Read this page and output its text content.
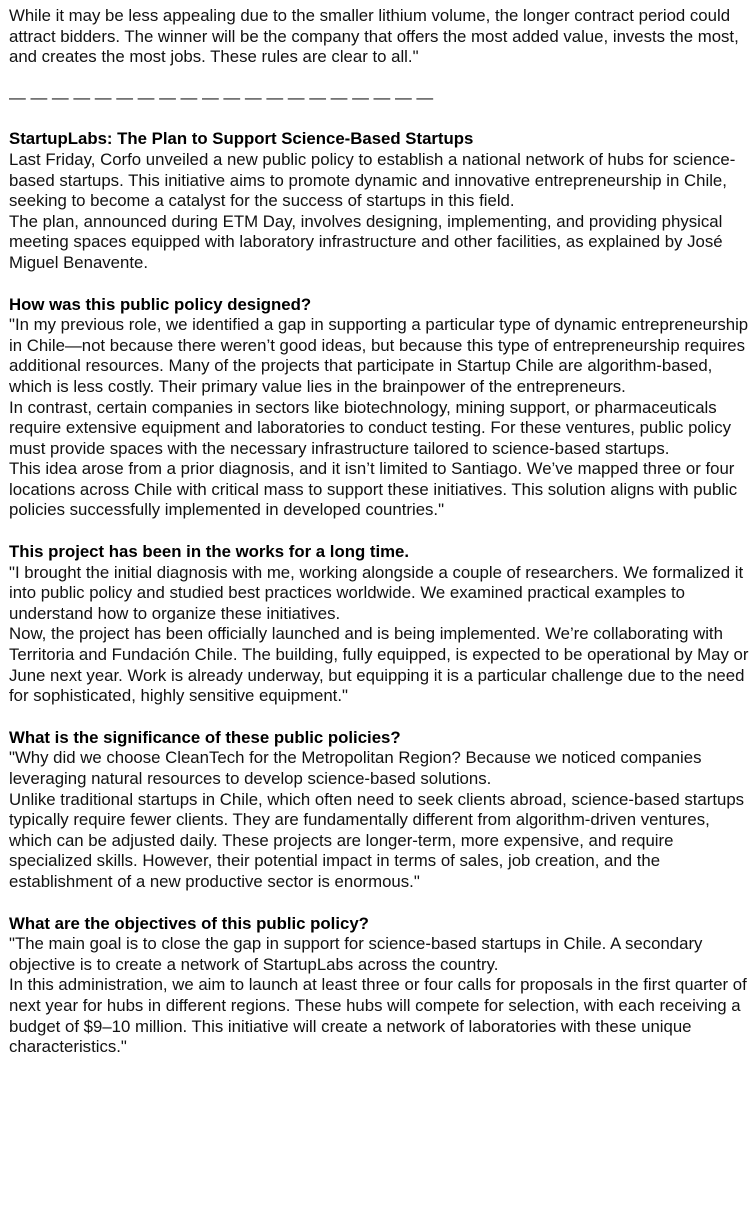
While it may be less appealing due to the smaller lithium volume, the longer contract period could attract bidders. The winner will be the company that offers the most added value, invests the most, and creates the most jobs. These rules are clear to all."

— — — — — — — — — — — — — — — — — — — —

StartupLabs: The Plan to Support Science-Based Startups

Last Friday, Corfo unveiled a new public policy to establish a national network of hubs for science-based startups. This initiative aims to promote dynamic and innovative entrepreneurship in Chile, seeking to become a catalyst for the success of startups in this field.

The plan, announced during ETM Day, involves designing, implementing, and providing physical meeting spaces equipped with laboratory infrastructure and other facilities, as explained by José Miguel Benavente.

How was this public policy designed?

"In my previous role, we identified a gap in supporting a particular type of dynamic entrepreneurship in Chile—not because there weren’t good ideas, but because this type of entrepreneurship requires additional resources. Many of the projects that participate in Startup Chile are algorithm-based, which is less costly. Their primary value lies in the brainpower of the entrepreneurs.

In contrast, certain companies in sectors like biotechnology, mining support, or pharmaceuticals require extensive equipment and laboratories to conduct testing. For these ventures, public policy must provide spaces with the necessary infrastructure tailored to science-based startups.

This idea arose from a prior diagnosis, and it isn’t limited to Santiago. We’ve mapped three or four locations across Chile with critical mass to support these initiatives. This solution aligns with public policies successfully implemented in developed countries."

This project has been in the works for a long time.

"I brought the initial diagnosis with me, working alongside a couple of researchers. We formalized it into public policy and studied best practices worldwide. We examined practical examples to understand how to organize these initiatives.

Now, the project has been officially launched and is being implemented. We’re collaborating with Territoria and Fundación Chile. The building, fully equipped, is expected to be operational by May or June next year. Work is already underway, but equipping it is a particular challenge due to the need for sophisticated, highly sensitive equipment."

What is the significance of these public policies?

"Why did we choose CleanTech for the Metropolitan Region? Because we noticed companies leveraging natural resources to develop science-based solutions.

Unlike traditional startups in Chile, which often need to seek clients abroad, science-based startups typically require fewer clients. They are fundamentally different from algorithm-driven ventures, which can be adjusted daily. These projects are longer-term, more expensive, and require specialized skills. However, their potential impact in terms of sales, job creation, and the establishment of a new productive sector is enormous."

What are the objectives of this public policy?

"The main goal is to close the gap in support for science-based startups in Chile. A secondary objective is to create a network of StartupLabs across the country.

In this administration, we aim to launch at least three or four calls for proposals in the first quarter of next year for hubs in different regions. These hubs will compete for selection, with each receiving a budget of $9–10 million. This initiative will create a network of laboratories with these unique characteristics."
